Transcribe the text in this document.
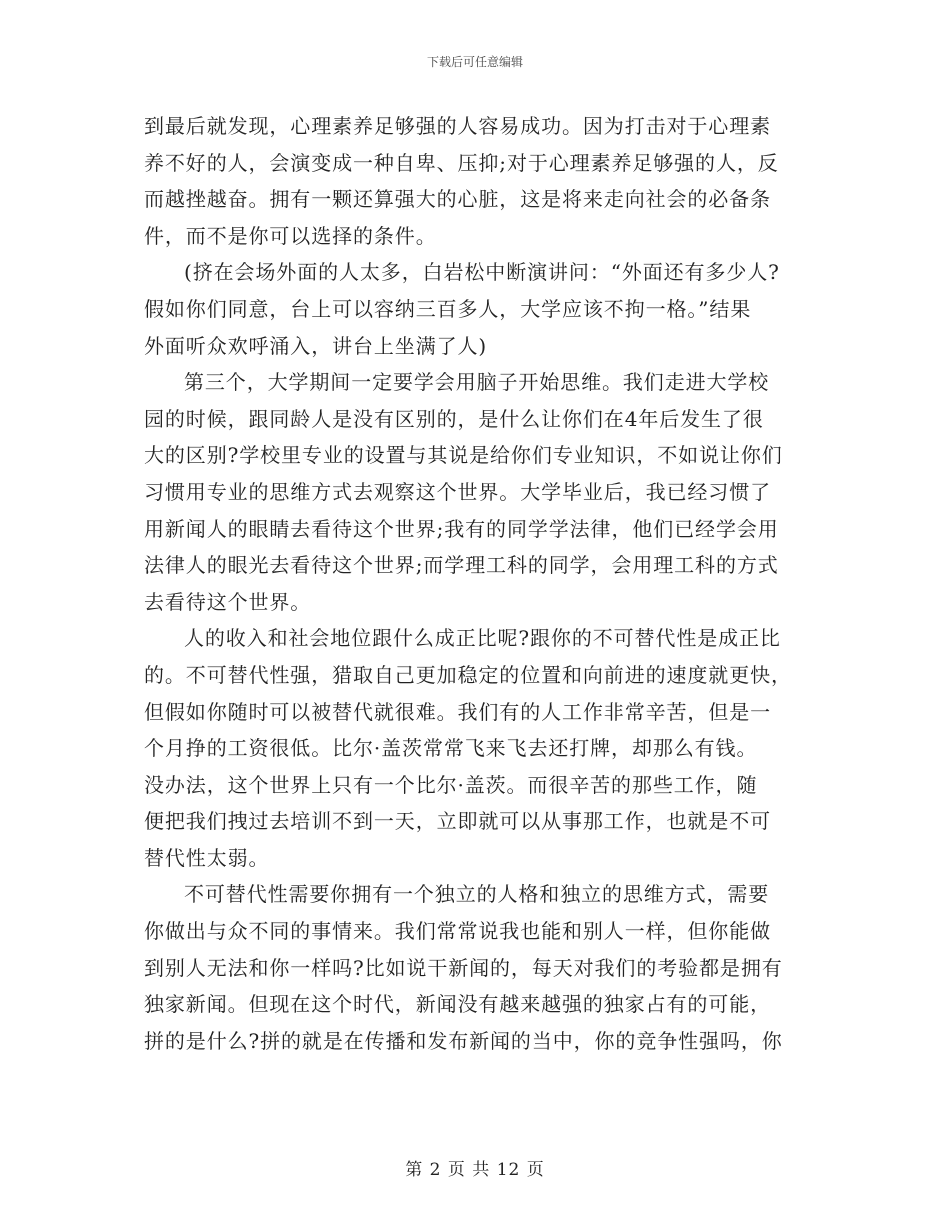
下载后可任意编辑
到最后就发现，心理素养足够强的人容易成功。因为打击对于心理素
养不好的人，会演变成一种自卑、压抑;对于心理素养足够强的人，反
而越挫越奋。拥有一颗还算强大的心脏，这是将来走向社会的必备条
件，而不是你可以选择的条件。
(挤在会场外面的人太多，白岩松中断演讲问：“外面还有多少人?
假如你们同意，台上可以容纳三百多人，大学应该不拘一格。”结果
外面听众欢呼涌入，讲台上坐满了人)
第三个，大学期间一定要学会用脑子开始思维。我们走进大学校
园的时候，跟同龄人是没有区别的，是什么让你们在4年后发生了很
大的区别?学校里专业的设置与其说是给你们专业知识，不如说让你们
习惯用专业的思维方式去观察这个世界。大学毕业后，我已经习惯了
用新闻人的眼睛去看待这个世界;我有的同学学法律，他们已经学会用
法律人的眼光去看待这个世界;而学理工科的同学，会用理工科的方式
去看待这个世界。
人的收入和社会地位跟什么成正比呢?跟你的不可替代性是成正比
的。不可替代性强，猎取自己更加稳定的位置和向前进的速度就更快，
但假如你随时可以被替代就很难。我们有的人工作非常辛苦，但是一
个月挣的工资很低。比尔·盖茨常常飞来飞去还打牌，却那么有钱。
没办法，这个世界上只有一个比尔·盖茨。而很辛苦的那些工作，随
便把我们拽过去培训不到一天，立即就可以从事那工作，也就是不可
替代性太弱。
不可替代性需要你拥有一个独立的人格和独立的思维方式，需要
你做出与众不同的事情来。我们常常说我也能和别人一样，但你能做
到别人无法和你一样吗?比如说干新闻的，每天对我们的考验都是拥有
独家新闻。但现在这个时代，新闻没有越来越强的独家占有的可能，
拼的是什么?拼的就是在传播和发布新闻的当中，你的竞争性强吗，你
第 2 页 共 12 页
